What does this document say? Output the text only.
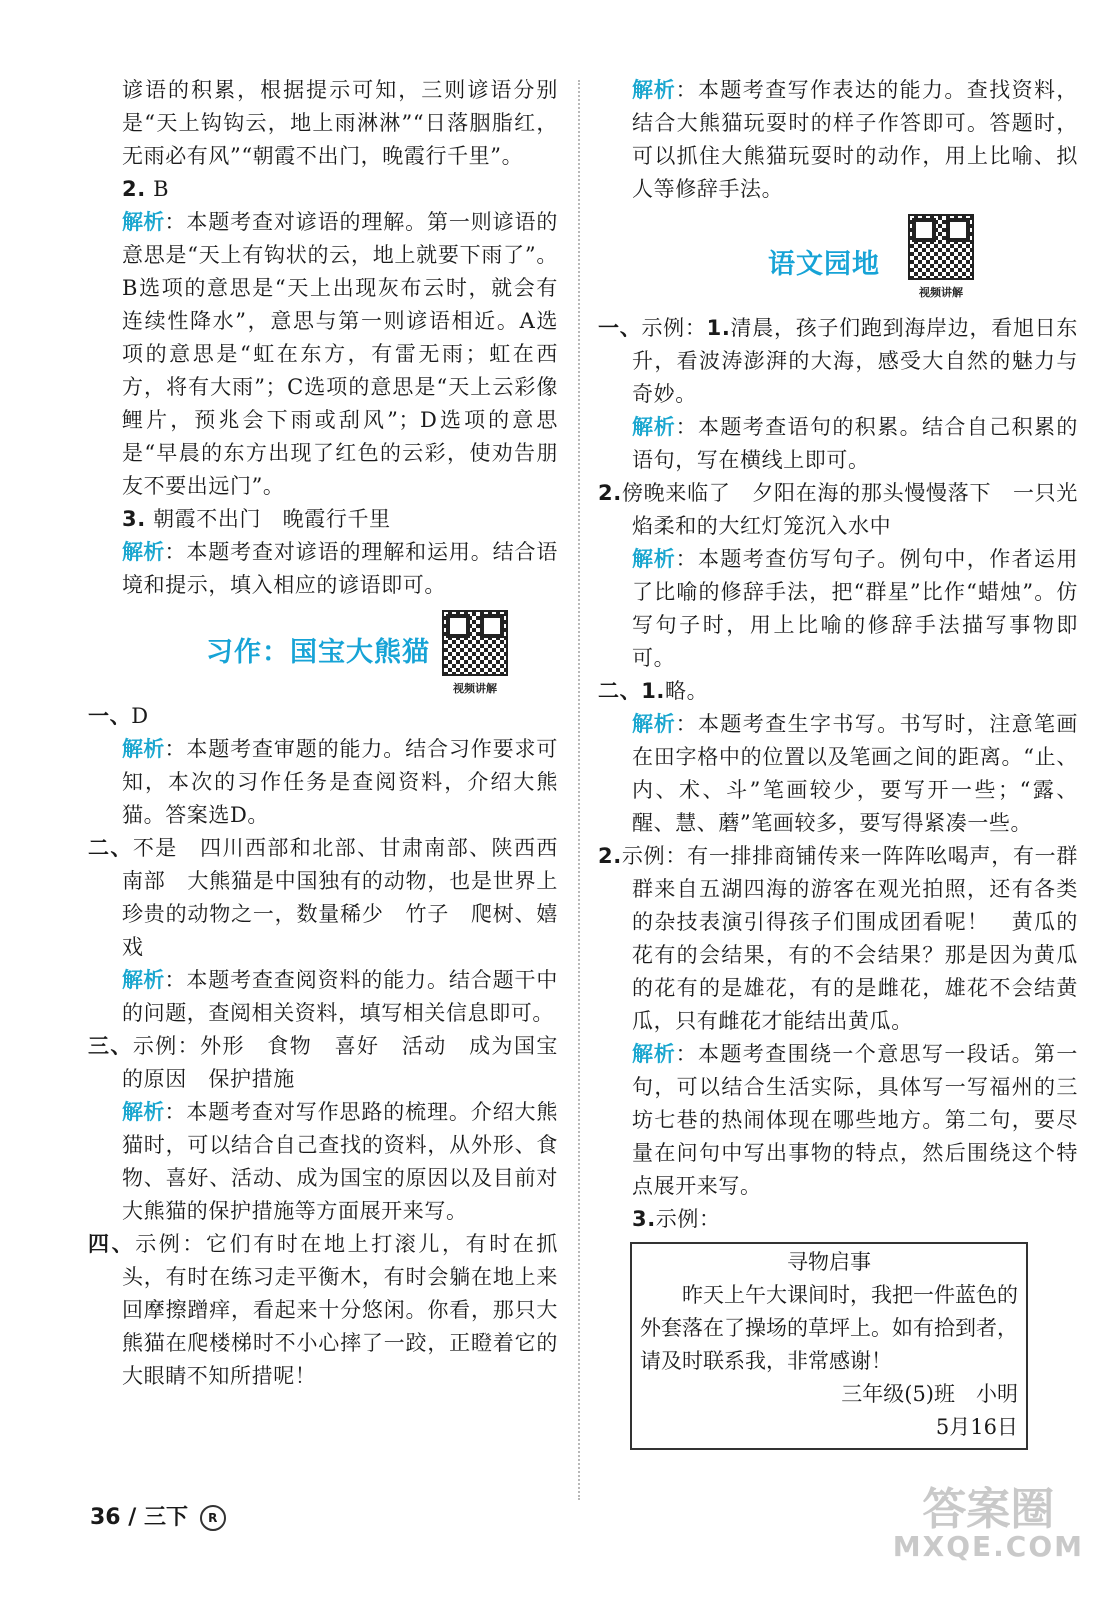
谚语的积累，根据提示可知，三则谚语分别是“天上钩钩云，地上雨淋淋”“日落胭脂红，无雨必有风”“朝霞不出门，晚霞行千里”。

2. B

解析：本题考查对谚语的理解。第一则谚语的意思是“天上有钩状的云，地上就要下雨了”。B选项的意思是“天上出现灰布云时，就会有连续性降水”，意思与第一则谚语相近。A选项的意思是“虹在东方，有雷无雨；虹在西方，将有大雨”；C选项的意思是“天上云彩像鲤片，预兆会下雨或刮风”；D选项的意思是“早晨的东方出现了红色的云彩，使劝告朋友不要出远门”。

3. 朝霞不出门　晚霞行千里

解析：本题考查对谚语的理解和运用。结合语境和提示，填入相应的谚语即可。

习作：国宝大熊猫
视频讲解

一、D

解析：本题考查审题的能力。结合习作要求可知，本次的习作任务是查阅资料，介绍大熊猫。答案选D。

二、不是　四川西部和北部、甘肃南部、陕西西南部　大熊猫是中国独有的动物，也是世界上珍贵的动物之一，数量稀少　竹子　爬树、嬉戏

解析：本题考查查阅资料的能力。结合题干中的问题，查阅相关资料，填写相关信息即可。

三、示例：外形　食物　喜好　活动　成为国宝的原因　保护措施

解析：本题考查对写作思路的梳理。介绍大熊猫时，可以结合自己查找的资料，从外形、食物、喜好、活动、成为国宝的原因以及目前对大熊猫的保护措施等方面展开来写。

四、示例：它们有时在地上打滚儿，有时在抓头，有时在练习走平衡木，有时会躺在地上来回摩擦蹭痒，看起来十分悠闲。你看，那只大熊猫在爬楼梯时不小心摔了一跤，正瞪着它的大眼睛不知所措呢！

解析：本题考查写作表达的能力。查找资料，结合大熊猫玩耍时的样子作答即可。答题时，可以抓住大熊猫玩耍时的动作，用上比喻、拟人等修辞手法。

语文园地
视频讲解

一、示例：1.清晨，孩子们跑到海岸边，看旭日东升，看波涛澎湃的大海，感受大自然的魅力与奇妙。

解析：本题考查语句的积累。结合自己积累的语句，写在横线上即可。

2.傍晚来临了　夕阳在海的那头慢慢落下　一只光焰柔和的大红灯笼沉入水中

解析：本题考查仿写句子。例句中，作者运用了比喻的修辞手法，把“群星”比作“蜡烛”。仿写句子时，用上比喻的修辞手法描写事物即可。

二、1.略。

解析：本题考查生字书写。书写时，注意笔画在田字格中的位置以及笔画之间的距离。“止、内、术、斗”笔画较少，要写开一些；“露、醒、慧、蘑”笔画较多，要写得紧凑一些。

2.示例：有一排排商铺传来一阵阵吆喝声，有一群群来自五湖四海的游客在观光拍照，还有各类的杂技表演引得孩子们围成团看呢！　黄瓜的花有的会结果，有的不会结果？那是因为黄瓜的花有的是雄花，有的是雌花，雄花不会结黄瓜，只有雌花才能结出黄瓜。

解析：本题考查围绕一个意思写一段话。第一句，可以结合生活实际，具体写一写福州的三坊七巷的热闹体现在哪些地方。第二句，要尽量在问句中写出事物的特点，然后围绕这个特点展开来写。

3.示例：

寻物启事
昨天上午大课间时，我把一件蓝色的外套落在了操场的草坪上。如有拾到者，请及时联系我，非常感谢！
三年级(5)班　小明
5月16日
36 / 三下 R	答案圈
MXQE.COM
